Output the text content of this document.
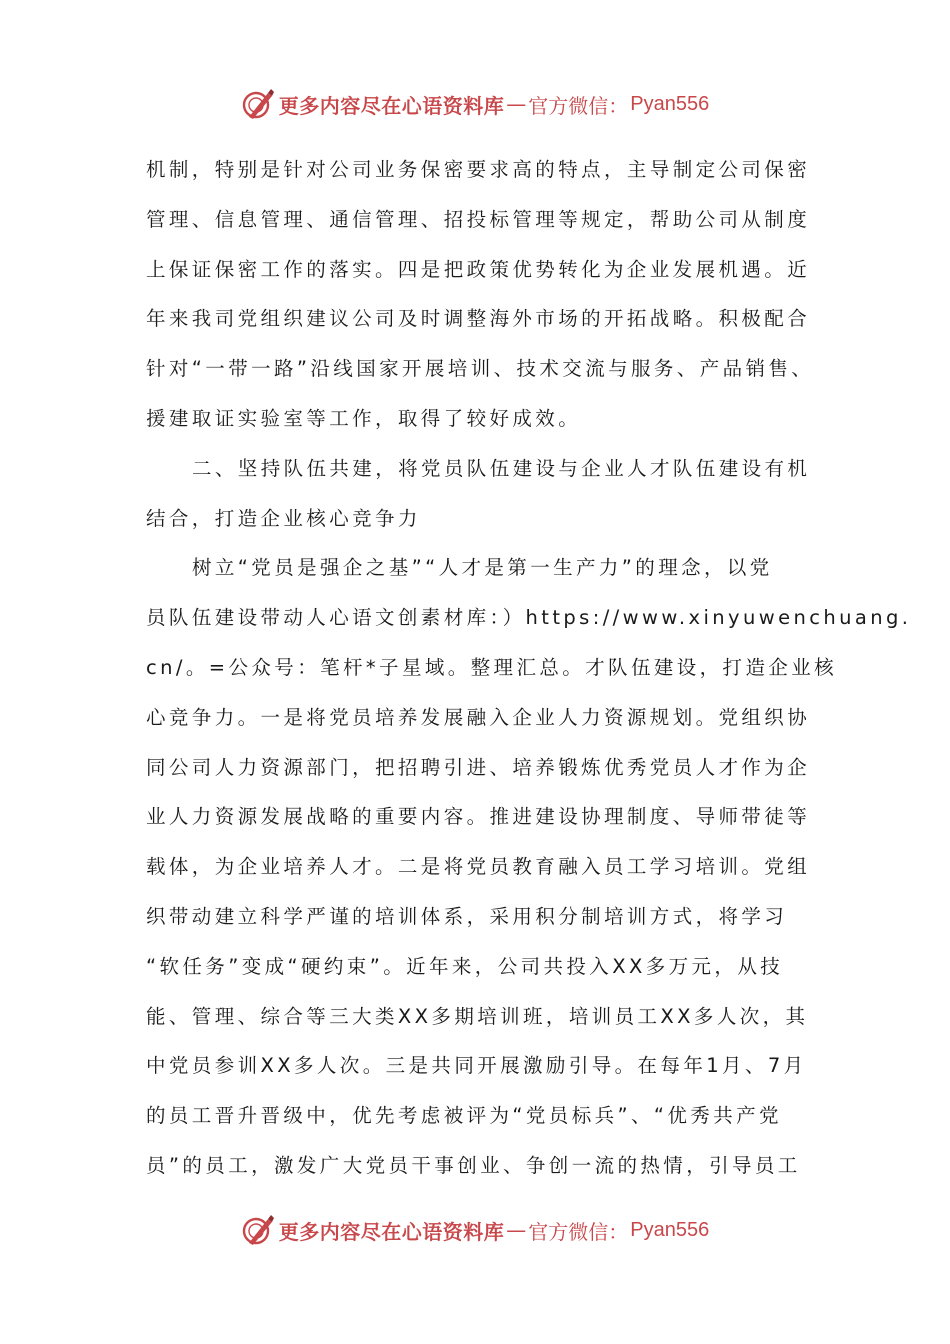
更多内容尽在心语资料库 — 官方微信： Pyan556
机制，特别是针对公司业务保密要求高的特点，主导制定公司保密
管理、信息管理、通信管理、招投标管理等规定，帮助公司从制度
上保证保密工作的落实。四是把政策优势转化为企业发展机遇。近
年来我司党组织建议公司及时调整海外市场的开拓战略。积极配合
针对“一带一路”沿线国家开展培训、技术交流与服务、产品销售、
援建取证实验室等工作，取得了较好成效。
二、坚持队伍共建，将党员队伍建设与企业人才队伍建设有机
结合，打造企业核心竞争力
树立“党员是强企之基”“人才是第一生产力”的理念，以党
员队伍建设带动人心语文创素材库：）https://www.xinyuwenchuang.
cn/。=公众号：笔杆*子星域。整理汇总。才队伍建设，打造企业核
心竞争力。一是将党员培养发展融入企业人力资源规划。党组织协
同公司人力资源部门，把招聘引进、培养锻炼优秀党员人才作为企
业人力资源发展战略的重要内容。推进建设协理制度、导师带徒等
载体，为企业培养人才。二是将党员教育融入员工学习培训。党组
织带动建立科学严谨的培训体系，采用积分制培训方式，将学习
“软任务”变成“硬约束”。近年来，公司共投入XX多万元，从技
能、管理、综合等三大类XX多期培训班，培训员工XX多人次，其
中党员参训XX多人次。三是共同开展激励引导。在每年1月、7月
的员工晋升晋级中，优先考虑被评为“党员标兵”、“优秀共产党
员”的员工，激发广大党员干事创业、争创一流的热情，引导员工
更多内容尽在心语资料库 — 官方微信： Pyan556
